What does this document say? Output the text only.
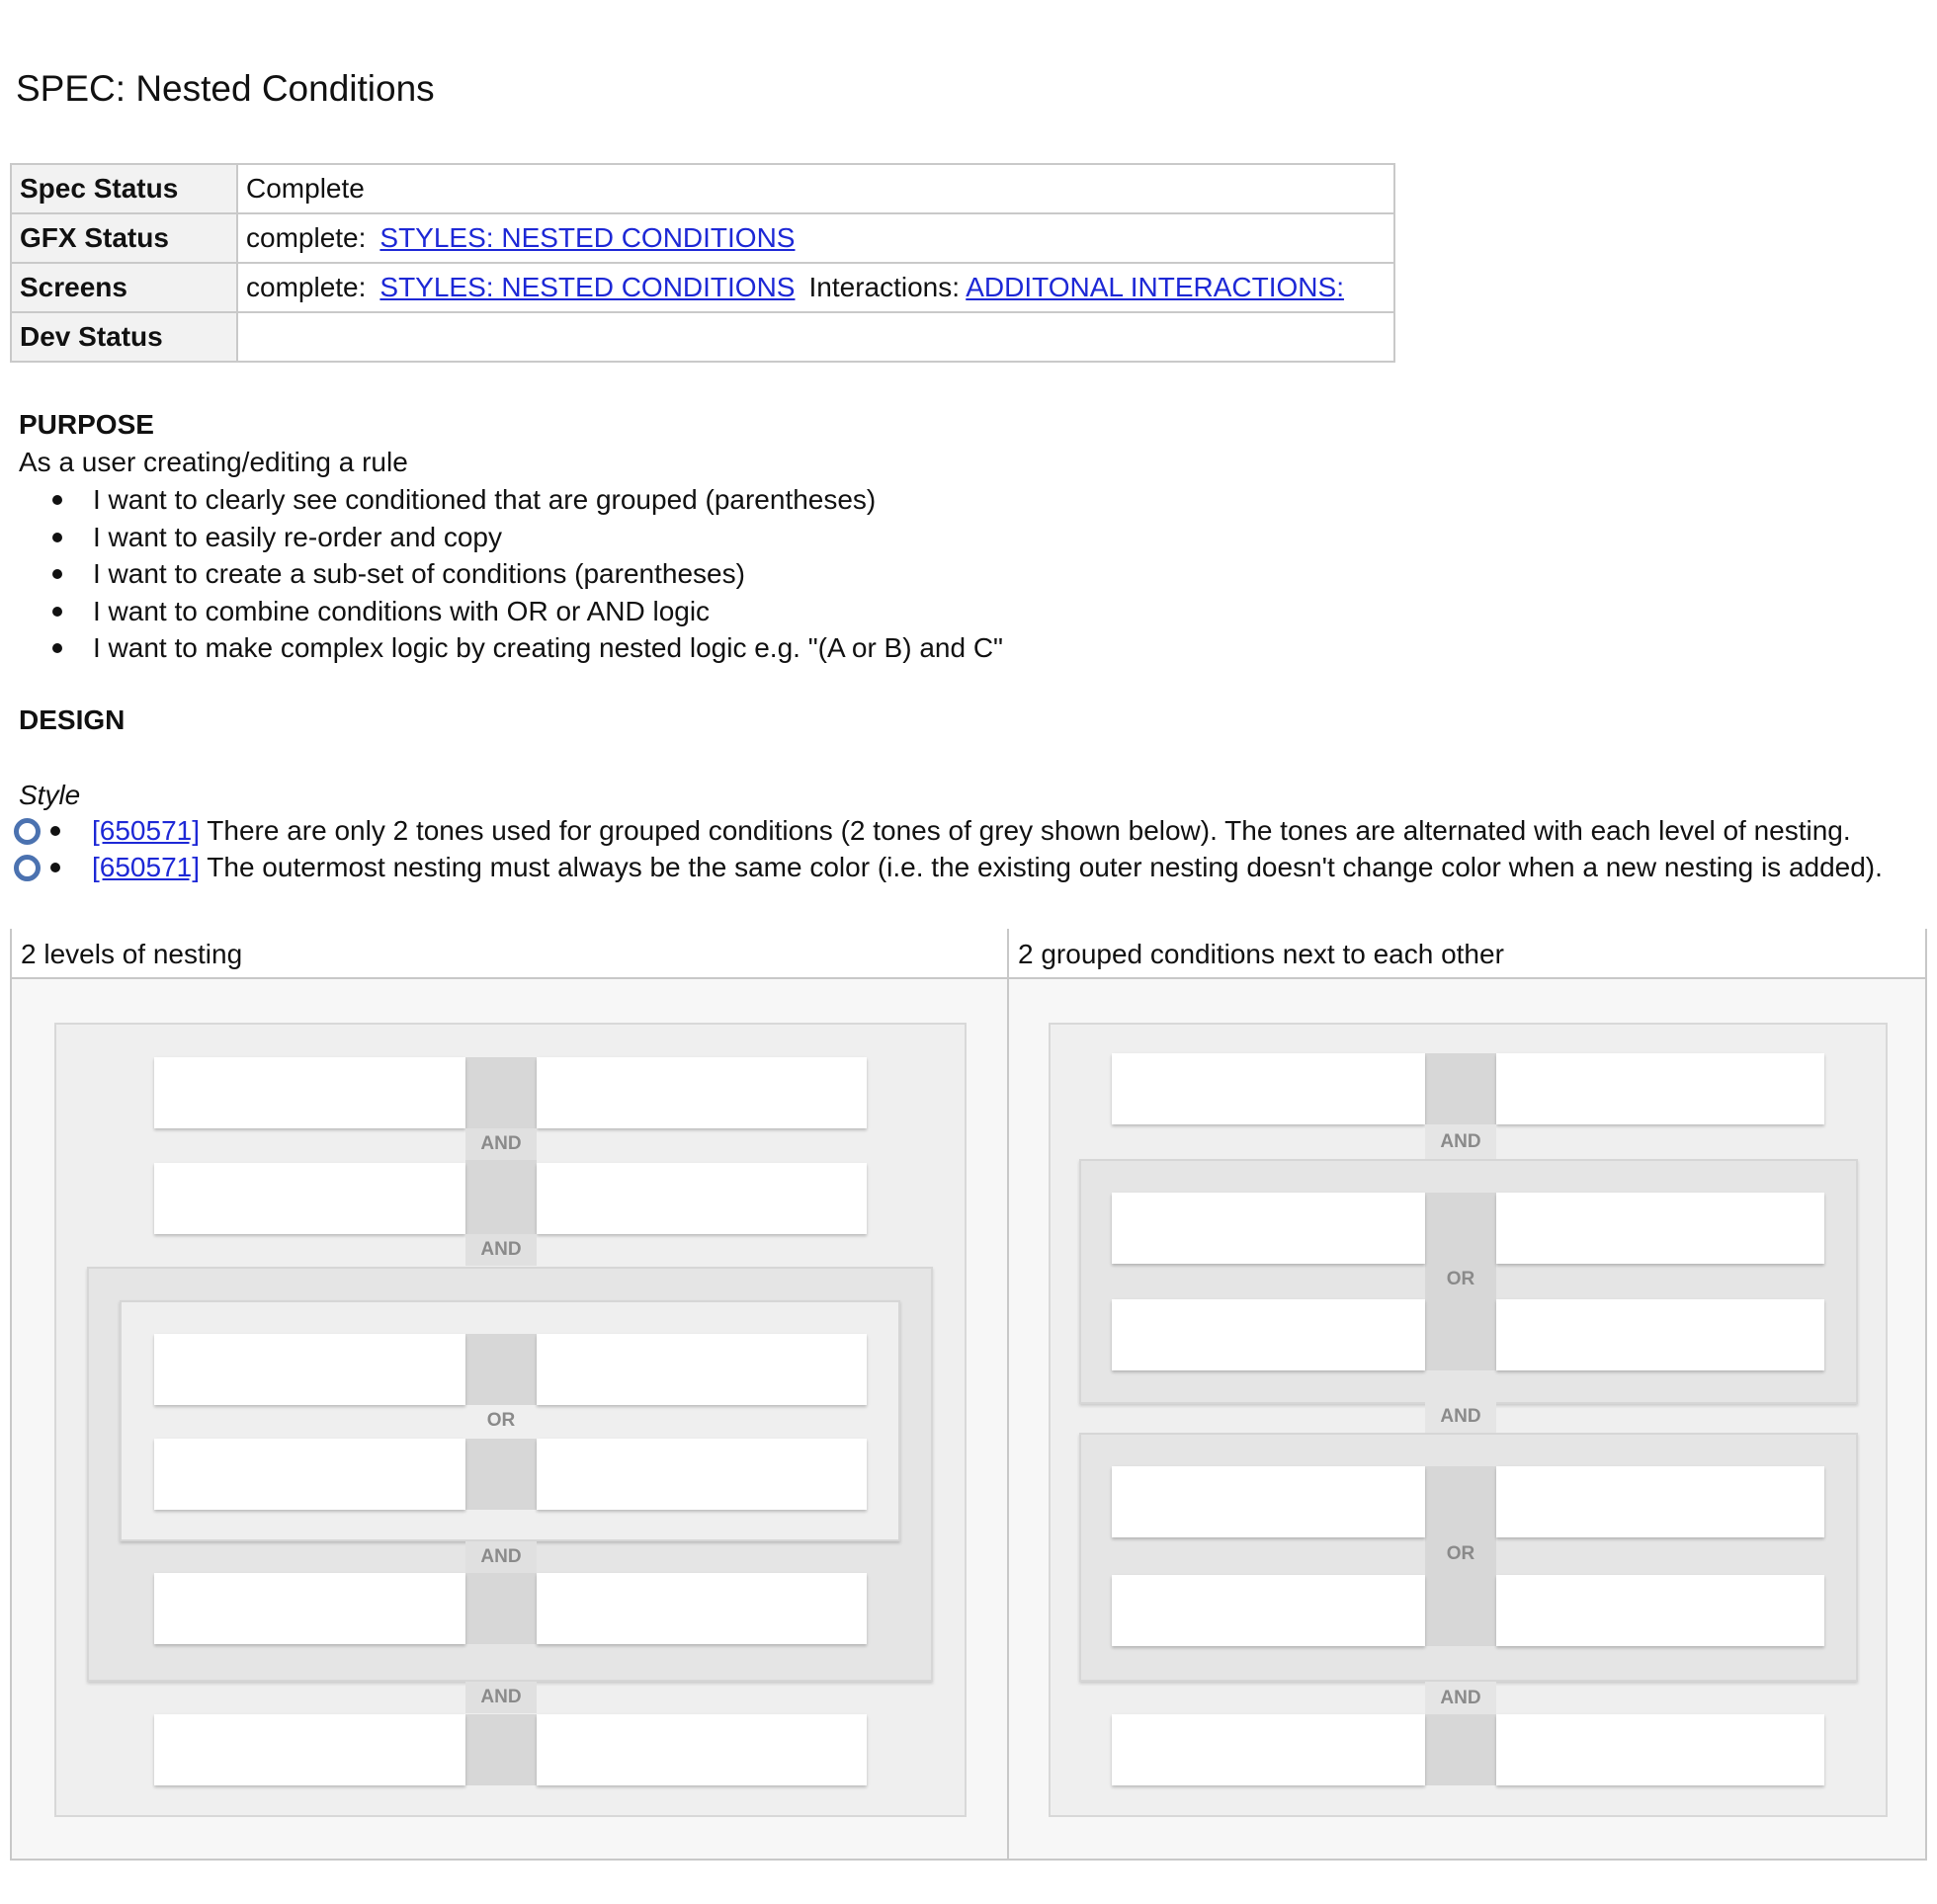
SPEC: Nested Conditions
Spec Status	Complete
GFX Status	complete: STYLES: NESTED CONDITIONS
Screens	complete: STYLES: NESTED CONDITIONS Interactions: ADDITONAL INTERACTIONS:
Dev Status	
PURPOSE
As a user creating/editing a rule
I want to clearly see conditioned that are grouped (parentheses)
I want to easily re-order and copy
I want to create a sub-set of conditions (parentheses)
I want to combine conditions with OR or AND logic
I want to make complex logic by creating nested logic e.g. "(A or B) and C"
DESIGN
Style
[650571] There are only 2 tones used for grouped conditions (2 tones of grey shown below). The tones are alternated with each level of nesting.
[650571] The outermost nesting must always be the same color (i.e. the existing outer nesting doesn't change color when a new nesting is added).
2 levels of nesting	2 grouped conditions next to each other
AND
AND
OR
AND
AND
AND
OR
AND
OR
AND
